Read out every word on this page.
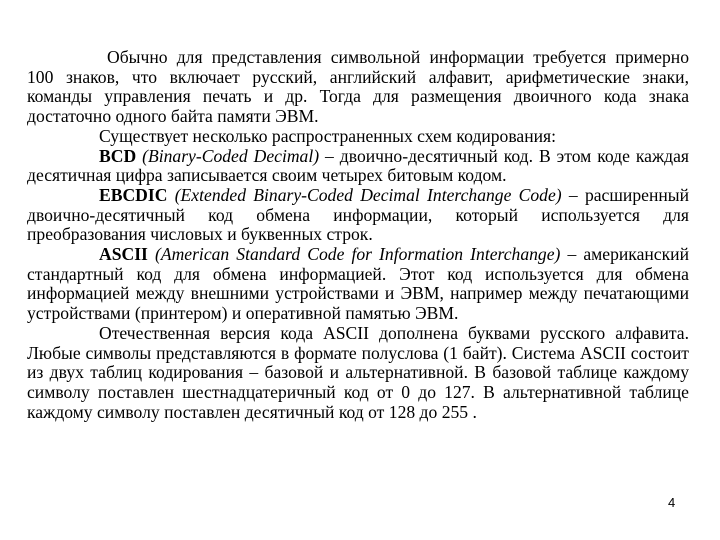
Обычно для представления символьной информации требуется примерно 100 знаков, что включает русский, английский алфавит, арифметические знаки, команды управления печать и др. Тогда для размещения двоичного кода знака достаточно одного байта памяти ЭВМ.

Существует несколько распространенных схем кодирования:

BCD (Binary-Coded Decimal) – двоично-десятичный код. В этом коде каждая десятичная цифра записывается своим четырех битовым кодом.

EBCDIC (Extended Binary-Coded Decimal Interchange Code) – расширенный двоично-десятичный код обмена информации, который используется для преобразования числовых и буквенных строк.

ASCII (American Standard Code for Information Interchange) – американский стандартный код для обмена информацией. Этот код используется для обмена информацией между внешними устройствами и ЭВМ, например между печатающими устройствами (принтером) и оперативной памятью ЭВМ.

Отечественная версия кода ASCII дополнена буквами русского алфавита. Любые символы представляются в формате полуслова (1 байт). Система ASCII состоит из двух таблиц кодирования – базовой и альтернативной. В базовой таблице каждому символу поставлен шестнадцатеричный код от 0 до 127. В альтернативной таблице каждому символу поставлен десятичный код от 128 до 255 .

4
